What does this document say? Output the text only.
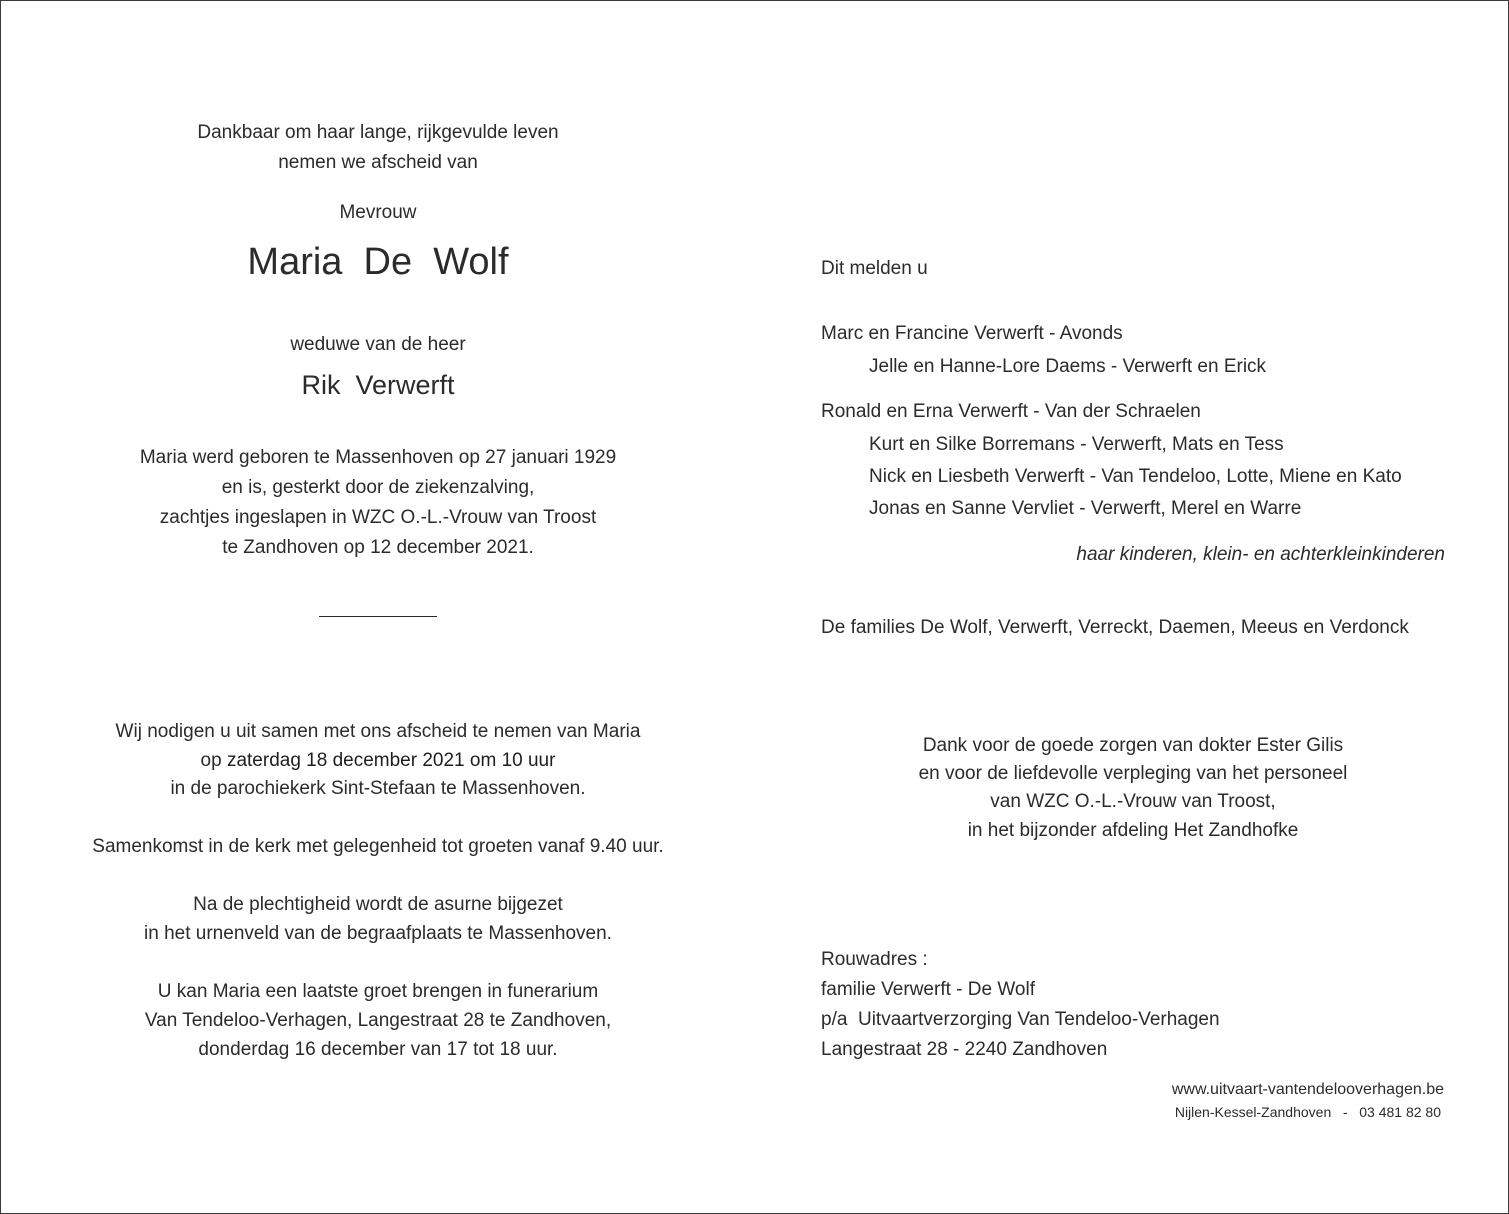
Dankbaar om haar lange, rijkgevulde leven
nemen we afscheid van
Mevrouw
Maria  De  Wolf
weduwe van de heer
Rik  Verwerft
Maria werd geboren te Massenhoven op 27 januari 1929
en is, gesterkt door de ziekenzalving,
zachtjes ingeslapen in WZC O.-L.-Vrouw van Troost
te Zandhoven op 12 december 2021.
Wij nodigen u uit samen met ons afscheid te nemen van Maria
op zaterdag 18 december 2021 om 10 uur
in de parochiekerk Sint-Stefaan te Massenhoven.
Samenkomst in de kerk met gelegenheid tot groeten vanaf 9.40 uur.
Na de plechtigheid wordt de asurne bijgezet
in het urnenveld van de begraafplaats te Massenhoven.
U kan Maria een laatste groet brengen in funerarium
Van Tendeloo-Verhagen, Langestraat 28 te Zandhoven,
donderdag 16 december van 17 tot 18 uur.
Dit melden u
Marc en Francine Verwerft - Avonds
Jelle en Hanne-Lore Daems - Verwerft en Erick
Ronald en Erna Verwerft - Van der Schraelen
Kurt en Silke Borremans - Verwerft, Mats en Tess
Nick en Liesbeth Verwerft - Van Tendeloo, Lotte, Miene en Kato
Jonas en Sanne Vervliet - Verwerft, Merel en Warre
haar kinderen, klein- en achterkleinkinderen
De families De Wolf, Verwerft, Verreckt, Daemen, Meeus en Verdonck
Dank voor de goede zorgen van dokter Ester Gilis
en voor de liefdevolle verpleging van het personeel
van WZC O.-L.-Vrouw van Troost,
in het bijzonder afdeling Het Zandhofke
Rouwadres :
familie Verwerft - De Wolf
p/a  Uitvaartverzorging Van Tendeloo-Verhagen
Langestraat 28 - 2240 Zandhoven
www.uitvaart-vantendelooverhagen.be
Nijlen-Kessel-Zandhoven   -   03 481 82 80
